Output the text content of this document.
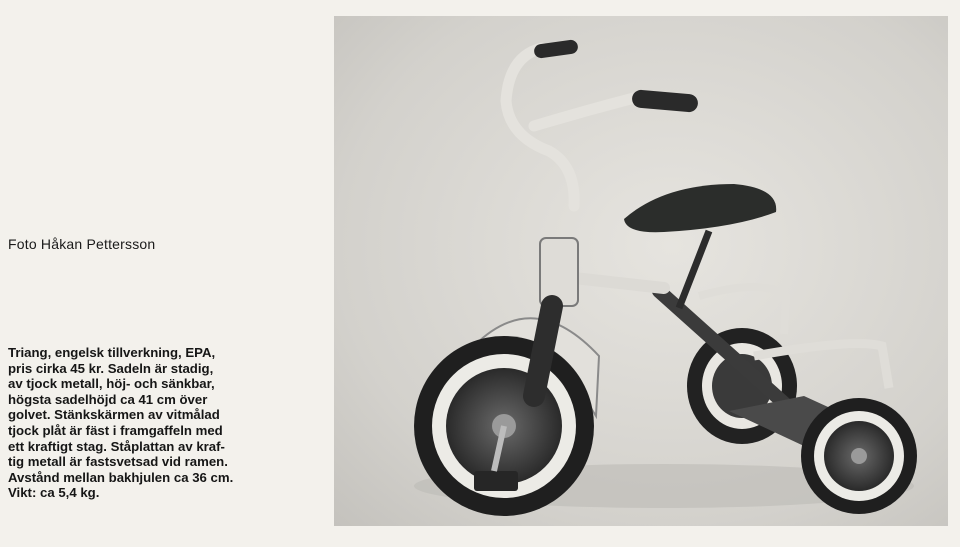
Foto Håkan Pettersson
Triang, engelsk tillverkning, EPA,
pris cirka 45 kr. Sadeln är stadig,
av tjock metall, höj- och sänkbar,
högsta sadelhöjd ca 41 cm över
golvet. Stänkskärmen av vitmålad
tjock plåt är fäst i framgaffeln med
ett kraftigt stag. Ståplattan av kraf-
tig metall är fastsvetsad vid ramen.
Avstånd mellan bakhjulen ca 36 cm.
Vikt: ca 5,4 kg.
